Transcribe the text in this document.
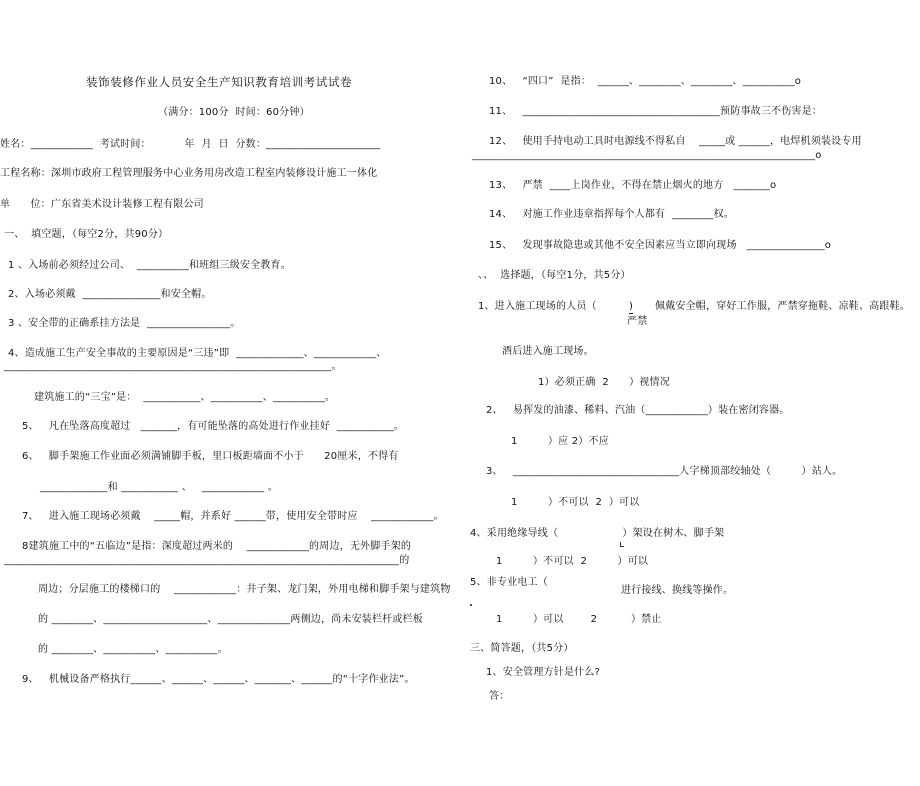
装饰装修作业人员安全生产知识教育培训考试试卷
（满分：100分  时间：60分钟）
姓名：____________  考试时间：          年  月  日  分数：______________________
工程名称：深圳市政府工程管理服务中心业务用房改造工程室内装修设计施工一体化
单      位：广东省美术设计装修工程有限公司
一、  填空题，（每空2分，共90分）
1 、入场前必须经过公司、  __________和班组三级安全教育。
2、入场必须戴  _______________和安全帽。
3 、安全带的正确系挂方法是  ________________。
4、造成施工生产安全事故的主要原因是“三违”即  _____________、____________、
_______________________________________________________________。
建筑施工的“三宝”是：  ___________、__________、__________。
5、   凡在坠落高度超过   _______，有可能坠落的高处进行作业挂好  ___________。
6、   脚手架施工作业面必须满铺脚手板，里口板距墙面不小于      20厘米，不得有
_____________和 ___________ 、   ____________ 。
7、   进入施工现场必须戴    _____帽，并系好 ______带，使用安全带时应    ____________。
8建筑施工中的“五临边”是指：深度超过两米的    ____________的周边，无外脚手架的
____________________________________________________________________________的
周边；分层施工的楼梯口的    ____________：井子架、龙门架，外用电梯和脚手架与建筑物
的 ________、____________________、______________两侧边，尚未安装栏杆或栏板
的 ________、__________、__________。
9、   机械设备严格执行______、______、______、_______、______的“十字作业法”。
10、   “四口”  是指：  ______、________、________、__________o
11、   ______________________________________预防事故三不伤害是：
12、   使用手持电动工具时电源线不得私自    _____或 ______，电焊机须装设专用
__________________________________________________________________o
13、   严禁  ____上岗作业，不得在禁止烟火的地方   _______o
14、   对施工作业违章指挥每个人都有  ________权。
15、   发现事故隐患或其他不安全因素应当立即向现场   _______________o
、、  选择题，（每空1分，共5分）
1、进入施工现场的人员（	) 佩戴安全帽，穿好工作服，严禁穿拖鞋、凉鞋、高跟鞋。
严禁
酒后进入施工现场。
1）必须正确  2      ）视情况
2、   易挥发的油漆、稀料、汽油（____________）装在密闭容器。
1         ）应 2）不应
3、   ________________________________人字梯顶部绞轴处（         ）站人。
1         ）不可以  2  ）可以
4、采用绝缘导线（                   ）架设在树木、脚手架
1         ）不可以  2         ）可以
5、非专业电工（
进行接线、换线等操作。
1         ）可以        2          ）禁止
三、简答题，（共5分）
1、安全管理方针是什么?
答：
